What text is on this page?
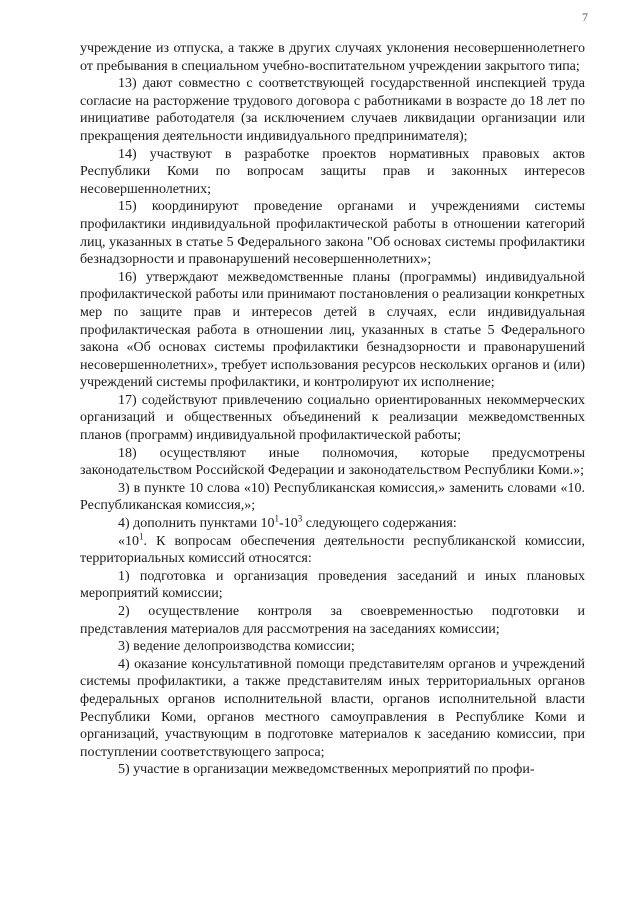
7

учреждение из отпуска, а также в других случаях уклонения несовершеннолетнего от пребывания в специальном учебно-воспитательном учреждении закрытого типа;

13) дают совместно с соответствующей государственной инспекцией труда согласие на расторжение трудового договора с работниками в возрасте до 18 лет по инициативе работодателя (за исключением случаев ликвидации организации или прекращения деятельности индивидуального предпринимателя);

14) участвуют в разработке проектов нормативных правовых актов Республики Коми по вопросам защиты прав и законных интересов несовершеннолетних;

15) координируют проведение органами и учреждениями системы профилактики индивидуальной профилактической работы в отношении категорий лиц, указанных в статье 5 Федерального закона "Об основах системы профилактики безнадзорности и правонарушений несовершеннолетних»;

16) утверждают межведомственные планы (программы) индивидуальной профилактической работы или принимают постановления о реализации конкретных мер по защите прав и интересов детей в случаях, если индивидуальная профилактическая работа в отношении лиц, указанных в статье 5 Федерального закона «Об основах системы профилактики безнадзорности и правонарушений несовершеннолетних», требует использования ресурсов нескольких органов и (или) учреждений системы профилактики, и контролируют их исполнение;

17) содействуют привлечению социально ориентированных некоммерческих организаций и общественных объединений к реализации межведомственных планов (программ) индивидуальной профилактической работы;

18) осуществляют иные полномочия, которые предусмотрены законодательством Российской Федерации и законодательством Республики Коми.»;

3) в пункте 10 слова «10) Республиканская комиссия,» заменить словами «10. Республиканская комиссия,»;

4) дополнить пунктами $10^1-10^3$ следующего содержания:

«$10^1$. К вопросам обеспечения деятельности республиканской комиссии, территориальных комиссий относятся:

1) подготовка и организация проведения заседаний и иных плановых мероприятий комиссии;

2) осуществление контроля за своевременностью подготовки и представления материалов для рассмотрения на заседаниях комиссии;

3) ведение делопроизводства комиссии;

4) оказание консультативной помощи представителям органов и учреждений системы профилактики, а также представителям иных территориальных органов федеральных органов исполнительной власти, органов исполнительной власти Республики Коми, органов местного самоуправления в Республике Коми и организаций, участвующим в подготовке материалов к заседанию комиссии, при поступлении соответствующего запроса;

5) участие в организации межведомственных мероприятий по профи-
